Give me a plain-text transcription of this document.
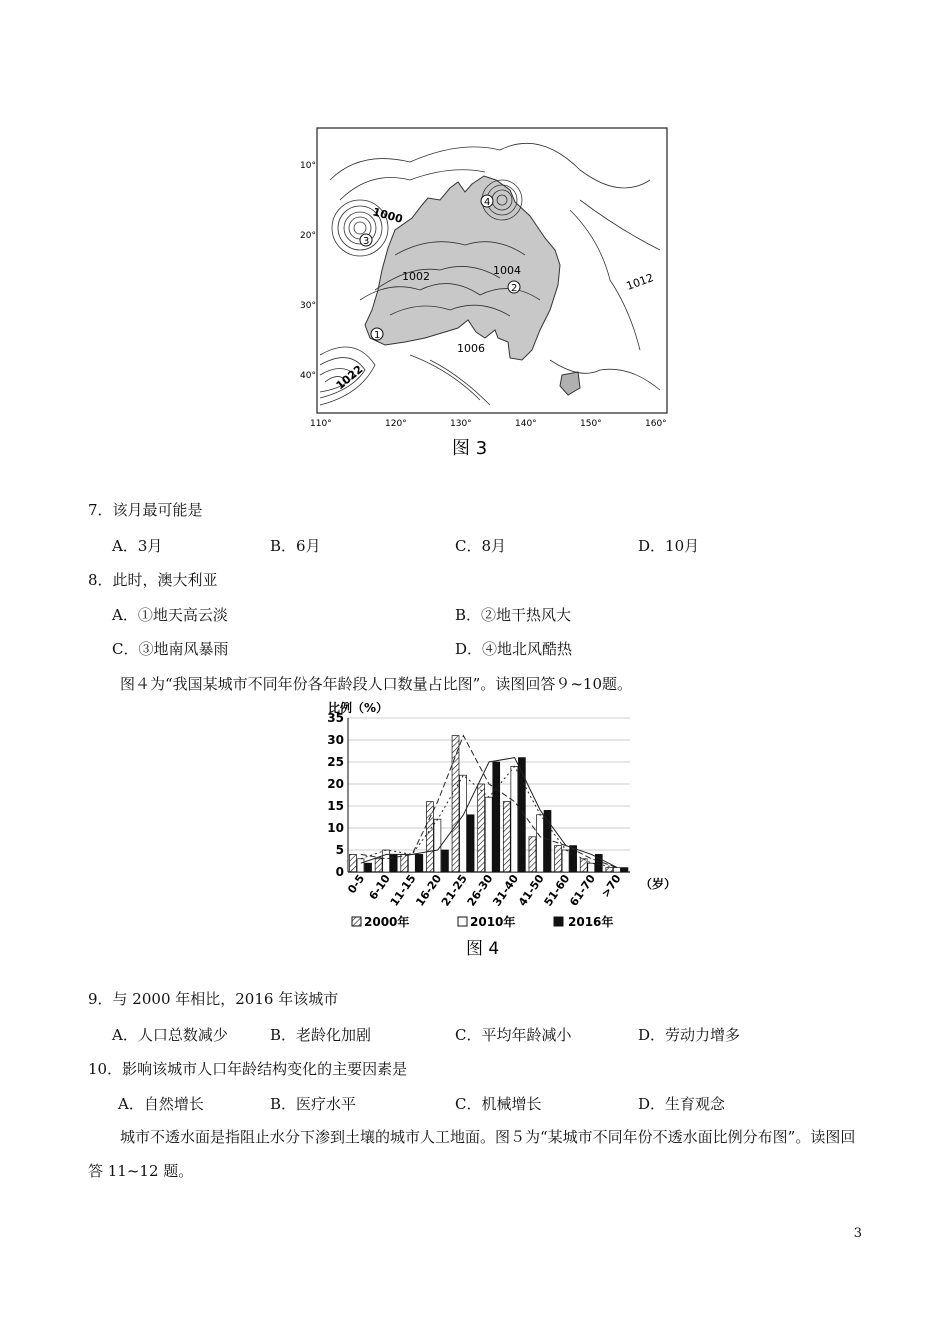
10°
20°
30°
40°
110°	120°	130°	140°	150°	160°
1000
1002	1004
1006
1012
1022
1
2
3
4
图 3
7．该月最可能是
A．3月	B．6月	C．8月	D．10月
8．此时，澳大利亚
A．①地天高云淡	B．②地干热风大
C．③地南风暴雨	D．④地北风酷热
图４为“我国某城市不同年份各年龄段人口数量占比图”。读图回答９~10题。
比例（%）
0
5
10
15
20
25
30
35
0-5 6-10
11-15
16-20
21-25
26-30
31-40
41-50
51-60
61-70 >70 （岁）
2000年	2010年	2016年
图 4
9．与 2000 年相比，2016 年该城市
A．人口总数减少	B．老龄化加剧	C．平均年龄减小	D．劳动力增多
10．影响该城市人口年龄结构变化的主要因素是
A．自然增长	B．医疗水平	C．机械增长	D．生育观念
城市不透水面是指阻止水分下渗到土壤的城市人工地面。图５为“某城市不同年份不透水面比例分布图”。读图回答 11~12 题。
3
